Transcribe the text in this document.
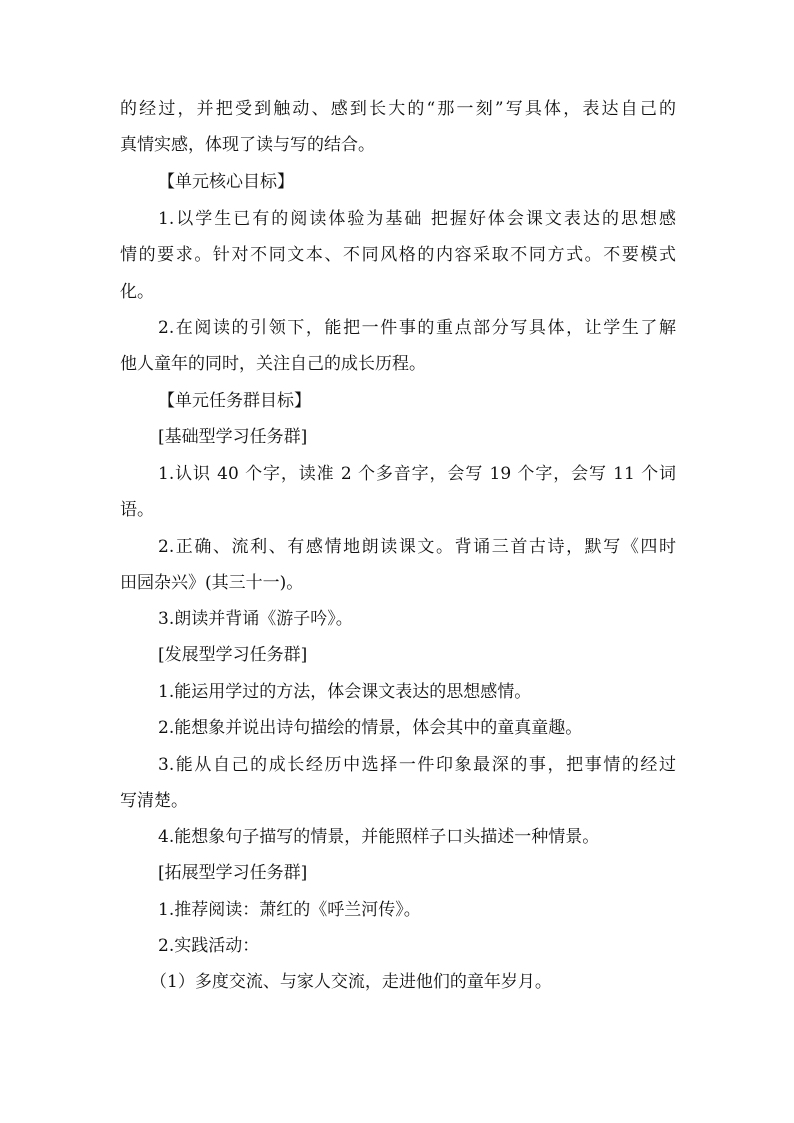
的经过，并把受到触动、感到长大的“那一刻”写具体，表达自己的
真情实感，体现了读与写的结合。
【单元核心目标】
1.以学生已有的阅读体验为基础 把握好体会课文表达的思想感
情的要求。针对不同文本、不同风格的内容采取不同方式。不要模式
化。
2.在阅读的引领下，能把一件事的重点部分写具体，让学生了解
他人童年的同时，关注自己的成长历程。
【单元任务群目标】
[基础型学习任务群]
1.认识 40 个字，读准 2 个多音字，会写 19 个字，会写 11 个词
语。
2.正确、流利、有感情地朗读课文。背诵三首古诗，默写《四时
田园杂兴》(其三十一)。
3.朗读并背诵《游子吟》。
[发展型学习任务群]
1.能运用学过的方法，体会课文表达的思想感情。
2.能想象并说出诗句描绘的情景，体会其中的童真童趣。
3.能从自己的成长经历中选择一件印象最深的事，把事情的经过
写清楚。
4.能想象句子描写的情景，并能照样子口头描述一种情景。
[拓展型学习任务群]
1.推荐阅读：萧红的《呼兰河传》。
2.实践活动：
（1）多度交流、与家人交流，走进他们的童年岁月。
